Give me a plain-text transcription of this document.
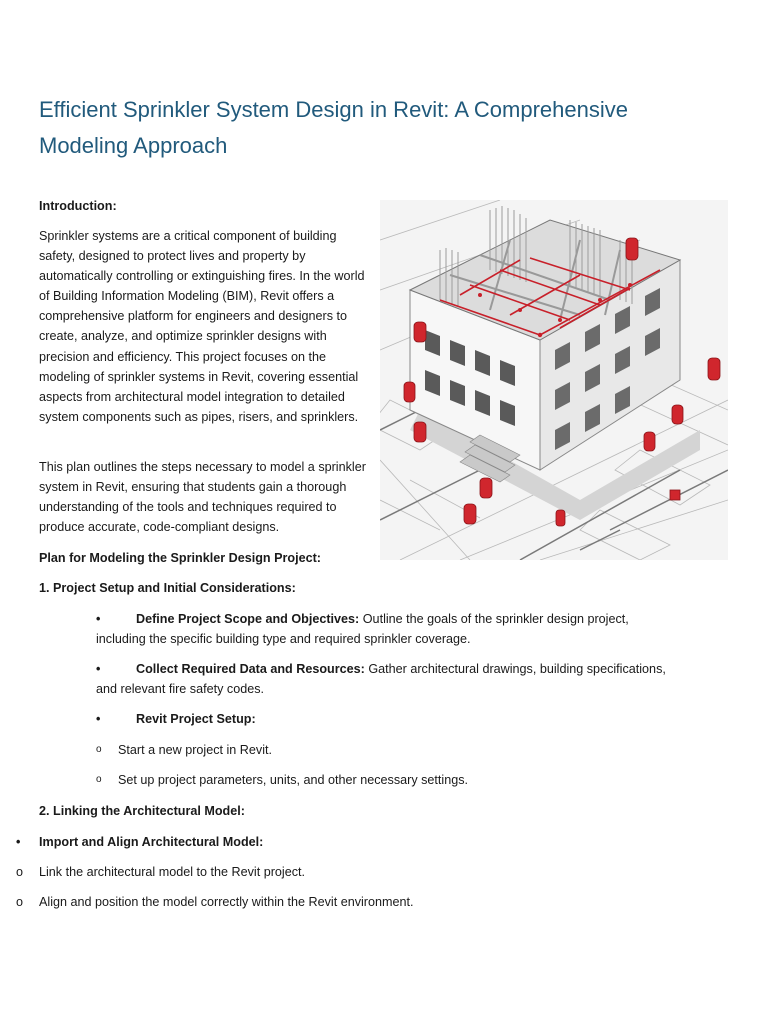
Efficient Sprinkler System Design in Revit: A Comprehensive Modeling Approach

Introduction:

Sprinkler systems are a critical component of building safety, designed to protect lives and property by automatically controlling or extinguishing fires. In the world of Building Information Modeling (BIM), Revit offers a comprehensive platform for engineers and designers to create, analyze, and optimize sprinkler designs with precision and efficiency. This project focuses on the modeling of sprinkler systems in Revit, covering essential aspects from architectural model integration to detailed system components such as pipes, risers, and sprinklers.

This plan outlines the steps necessary to model a sprinkler system in Revit, ensuring that students gain a thorough understanding of the tools and techniques required to produce accurate, code-compliant designs.

Plan for Modeling the Sprinkler Design Project:

1. Project Setup and Initial Considerations:

•	Define Project Scope and Objectives: Outline the goals of the sprinkler design project, including the specific building type and required sprinkler coverage.

•	Collect Required Data and Resources: Gather architectural drawings, building specifications, and relevant fire safety codes.

•	Revit Project Setup:

o Start a new project in Revit.
o Set up project parameters, units, and other necessary settings.

2. Linking the Architectural Model:

• Import and Align Architectural Model:
o Link the architectural model to the Revit project.
o Align and position the model correctly within the Revit environment.
